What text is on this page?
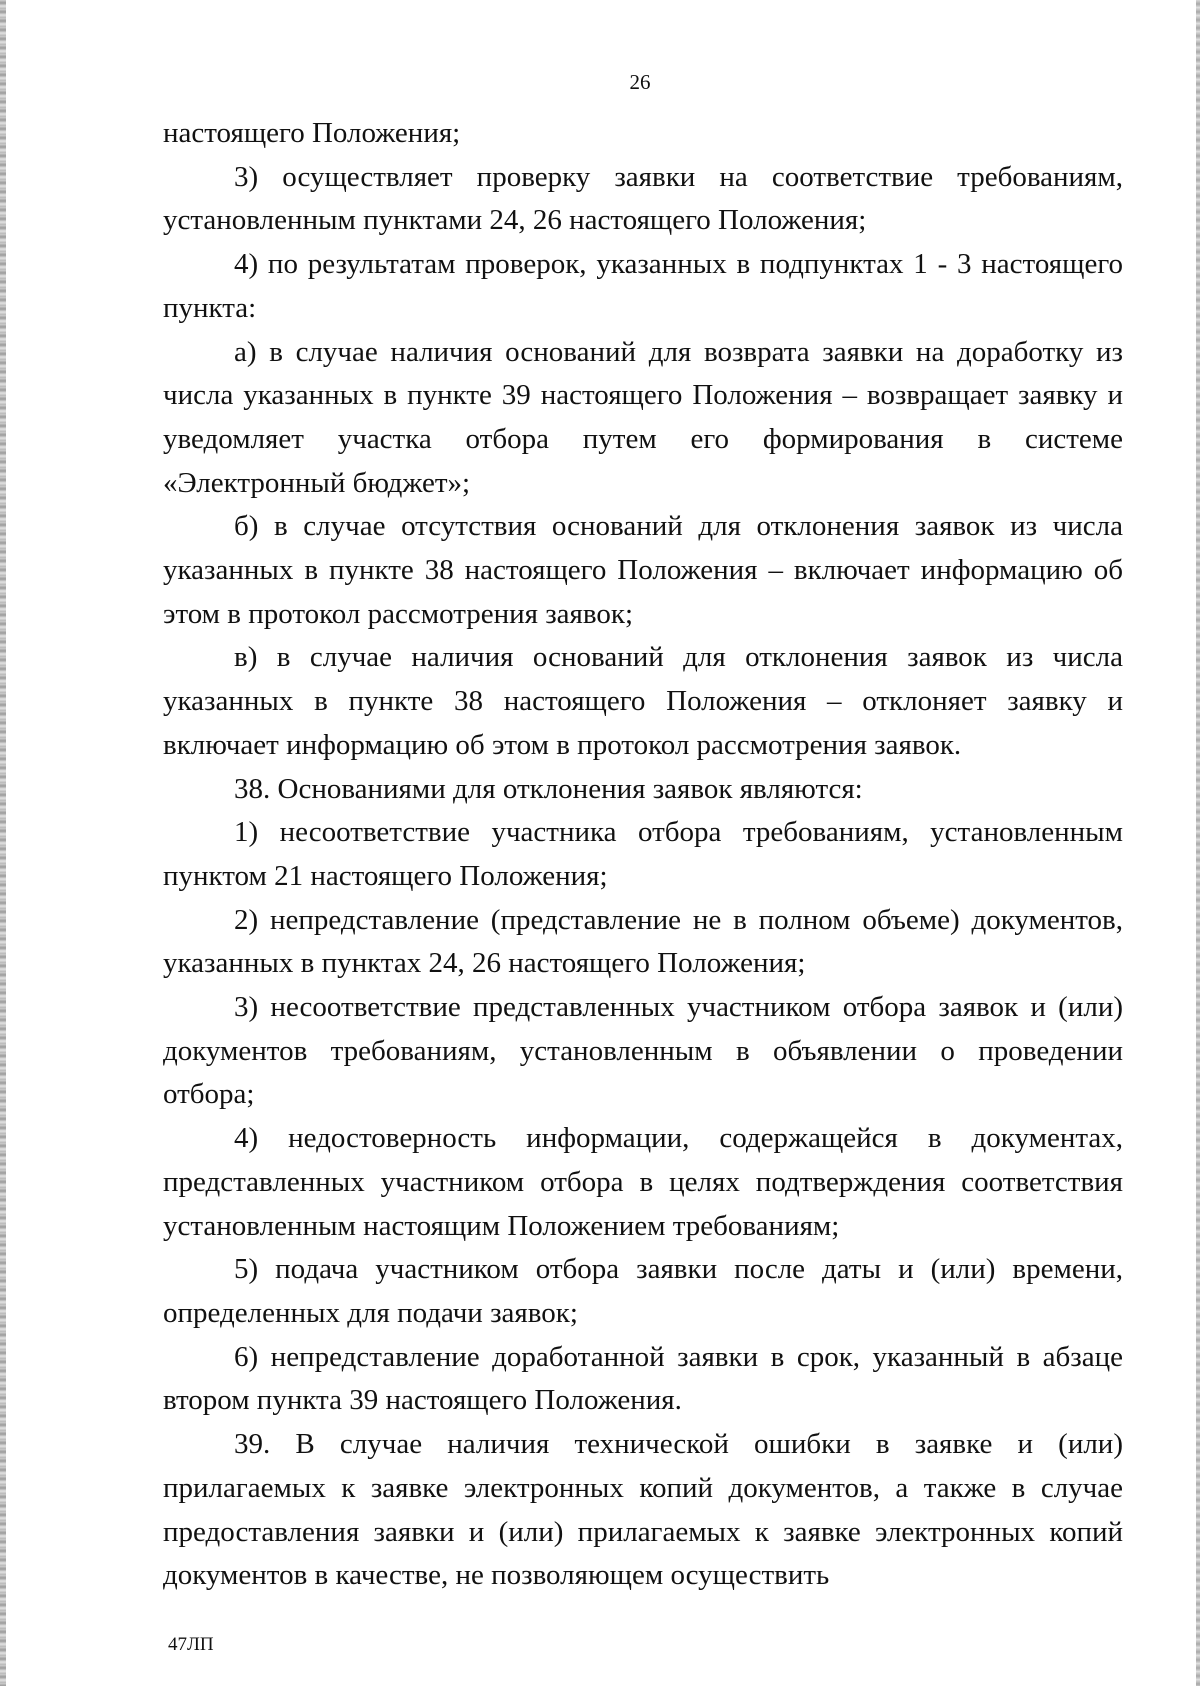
26

настоящего Положения;

3) осуществляет проверку заявки на соответствие требованиям, установленным пунктами 24, 26 настоящего Положения;

4) по результатам проверок, указанных в подпунктах 1 - 3 настоящего пункта:

а) в случае наличия оснований для возврата заявки на доработку из числа указанных в пункте 39 настоящего Положения – возвращает заявку и уведомляет участка отбора путем его формирования в системе «Электронный бюджет»;

б) в случае отсутствия оснований для отклонения заявок из числа указанных в пункте 38 настоящего Положения – включает информацию об этом в протокол рассмотрения заявок;

в) в случае наличия оснований для отклонения заявок из числа указанных в пункте 38 настоящего Положения – отклоняет заявку и включает информацию об этом в протокол рассмотрения заявок.

38. Основаниями для отклонения заявок являются:

1) несоответствие участника отбора требованиям, установленным пунктом 21 настоящего Положения;

2) непредставление (представление не в полном объеме) документов, указанных в пунктах 24, 26 настоящего Положения;

3) несоответствие представленных участником отбора заявок и (или) документов требованиям, установленным в объявлении о проведении отбора;

4) недостоверность информации, содержащейся в документах, представленных участником отбора в целях подтверждения соответствия установленным настоящим Положением требованиям;

5) подача участником отбора заявки после даты и (или) времени, определенных для подачи заявок;

6) непредставление доработанной заявки в срок, указанный в абзаце втором пункта 39 настоящего Положения.

39. В случае наличия технической ошибки в заявке и (или) прилагаемых к заявке электронных копий документов, а также в случае предоставления заявки и (или) прилагаемых к заявке электронных копий документов в качестве, не позволяющем осуществить

47ЛП
